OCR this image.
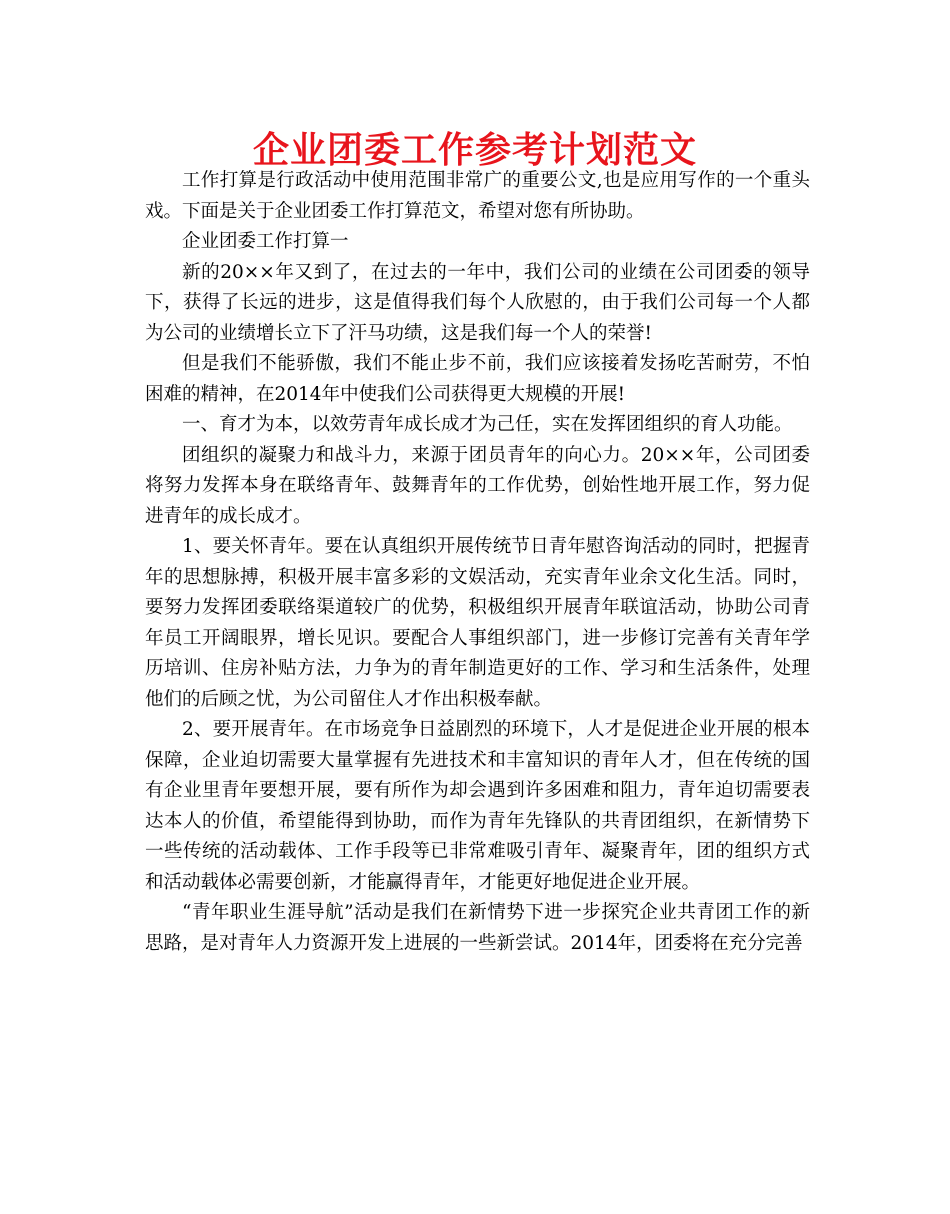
企业团委工作参考计划范文

工作打算是行政活动中使用范围非常广的重要公文,也是应用写作的一个重头戏。下面是关于企业团委工作打算范文，希望对您有所协助。

企业团委工作打算一

新的20××年又到了，在过去的一年中，我们公司的业绩在公司团委的领导下，获得了长远的进步，这是值得我们每个人欣慰的，由于我们公司每一个人都为公司的业绩增长立下了汗马功绩，这是我们每一个人的荣誉!

但是我们不能骄傲，我们不能止步不前，我们应该接着发扬吃苦耐劳，不怕困难的精神，在2014年中使我们公司获得更大规模的开展!

一、育才为本，以效劳青年成长成才为己任，实在发挥团组织的育人功能。

团组织的凝聚力和战斗力，来源于团员青年的向心力。20××年，公司团委将努力发挥本身在联络青年、鼓舞青年的工作优势，创始性地开展工作，努力促进青年的成长成才。

1、要关怀青年。要在认真组织开展传统节日青年慰咨询活动的同时，把握青年的思想脉搏，积极开展丰富多彩的文娱活动，充实青年业余文化生活。同时，要努力发挥团委联络渠道较广的优势，积极组织开展青年联谊活动，协助公司青年员工开阔眼界，增长见识。要配合人事组织部门，进一步修订完善有关青年学历培训、住房补贴方法，力争为的青年制造更好的工作、学习和生活条件，处理他们的后顾之忧，为公司留住人才作出积极奉献。

2、要开展青年。在市场竞争日益剧烈的环境下，人才是促进企业开展的根本保障，企业迫切需要大量掌握有先进技术和丰富知识的青年人才，但在传统的国有企业里青年要想开展，要有所作为却会遇到许多困难和阻力，青年迫切需要表达本人的价值，希望能得到协助，而作为青年先锋队的共青团组织，在新情势下一些传统的活动载体、工作手段等已非常难吸引青年、凝聚青年，团的组织方式和活动载体必需要创新，才能赢得青年，才能更好地促进企业开展。

“青年职业生涯导航”活动是我们在新情势下进一步探究企业共青团工作的新思路，是对青年人力资源开发上进展的一些新尝试。2014年，团委将在充分完善
